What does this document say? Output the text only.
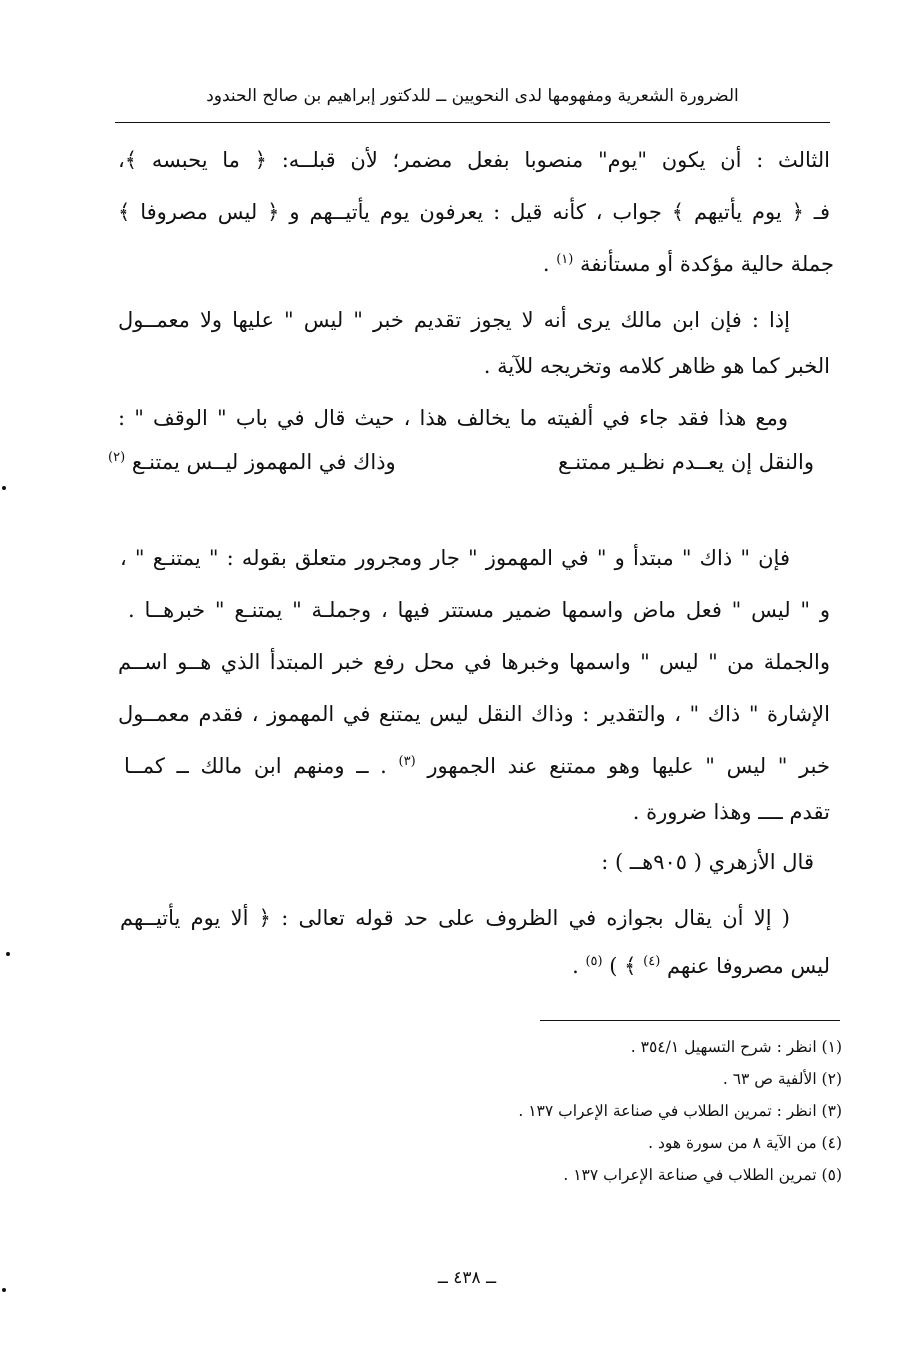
الضرورة الشعرية ومفهومها لدى النحويين ــ للدكتور إبراهيم بن صالح الحندود
الثالث : أن يكون "يوم" منصوبا بفعل مضمر؛ لأن قبلــه: ﴿ ما يحبسه ﴾،
فـ ﴿ يوم يأتيهم ﴾ جواب ، كأنه قيل : يعرفون يوم يأتيــهم و ﴿ ليس مصروفا ﴾
جملة حالية مؤكدة أو مستأنفة $^{(١)}$ .
إذا : فإن ابن مالك يرى أنه لا يجوز تقديم خبر " ليس " عليها ولا معمــول
الخبر كما هو ظاهر كلامه وتخريجه للآية .
ومع هذا فقد جاء في ألفيته ما يخالف هذا ، حيث قال في باب " الوقف " :
والنقل إن يعــدم نظـير ممتنـع
وذاك في المهموز ليــس يمتنـع $^{(٢)}$
فإن " ذاك " مبتدأ و " في المهموز " جار ومجرور متعلق بقوله : " يمتنـع " ،
و " ليس " فعل ماض واسمها ضمير مستتر فيها ، وجملـة " يمتنـع " خبرهــا .
والجملة من " ليس " واسمها وخبرها في محل رفع خبر المبتدأ الذي هــو اســم
الإشارة " ذاك " ، والتقدير : وذاك النقل ليس يمتنع في المهموز ، فقدم معمــول
خبر " ليس " عليها وهو ممتنع عند الجمهور $^{(٣)}$ . ــ ومنهم ابن مالك ــ كمــا
تقدم ــــ وهذا ضرورة .
قال الأزهري ( ٩٠٥هــ ) :
( إلا أن يقال بجوازه في الظروف على حد قوله تعالى : ﴿ ألا يوم يأتيــهم
ليس مصروفا عنهم $^{(٤)}$ ﴾ ) $^{(٥)}$ .
(١) انظر : شرح التسهيل ٣٥٤/١ .
(٢) الألفية ص ٦٣ .
(٣) انظر : تمرين الطلاب في صناعة الإعراب ١٣٧ .
(٤) من الآية ٨ من سورة هود .
(٥) تمرين الطلاب في صناعة الإعراب ١٣٧ .
ــ ٤٣٨ ــ
